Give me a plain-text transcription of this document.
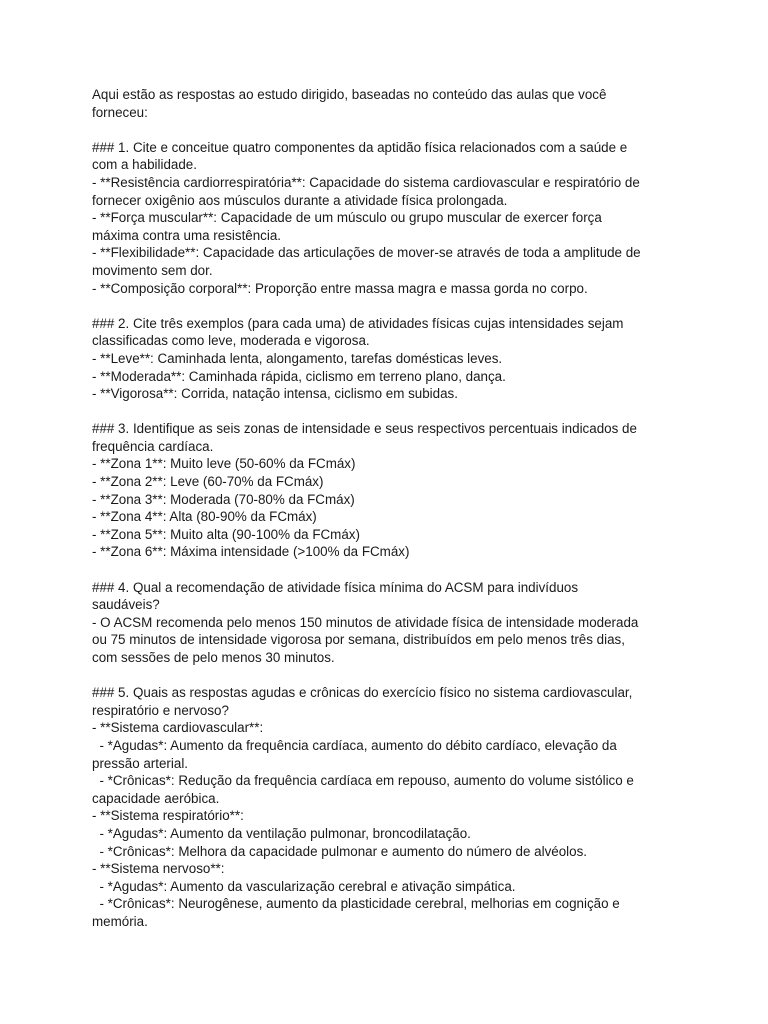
Aqui estão as respostas ao estudo dirigido, baseadas no conteúdo das aulas que você
forneceu:
### 1. Cite e conceitue quatro componentes da aptidão física relacionados com a saúde e
com a habilidade.
- **Resistência cardiorrespiratória**: Capacidade do sistema cardiovascular e respiratório de
fornecer oxigênio aos músculos durante a atividade física prolongada.
- **Força muscular**: Capacidade de um músculo ou grupo muscular de exercer força
máxima contra uma resistência.
- **Flexibilidade**: Capacidade das articulações de mover-se através de toda a amplitude de
movimento sem dor.
- **Composição corporal**: Proporção entre massa magra e massa gorda no corpo.
### 2. Cite três exemplos (para cada uma) de atividades físicas cujas intensidades sejam
classificadas como leve, moderada e vigorosa.
- **Leve**: Caminhada lenta, alongamento, tarefas domésticas leves.
- **Moderada**: Caminhada rápida, ciclismo em terreno plano, dança.
- **Vigorosa**: Corrida, natação intensa, ciclismo em subidas.
### 3. Identifique as seis zonas de intensidade e seus respectivos percentuais indicados de
frequência cardíaca.
- **Zona 1**: Muito leve (50-60% da FCmáx)
- **Zona 2**: Leve (60-70% da FCmáx)
- **Zona 3**: Moderada (70-80% da FCmáx)
- **Zona 4**: Alta (80-90% da FCmáx)
- **Zona 5**: Muito alta (90-100% da FCmáx)
- **Zona 6**: Máxima intensidade (>100% da FCmáx)
### 4. Qual a recomendação de atividade física mínima do ACSM para indivíduos
saudáveis?
- O ACSM recomenda pelo menos 150 minutos de atividade física de intensidade moderada
ou 75 minutos de intensidade vigorosa por semana, distribuídos em pelo menos três dias,
com sessões de pelo menos 30 minutos.
### 5. Quais as respostas agudas e crônicas do exercício físico no sistema cardiovascular,
respiratório e nervoso?
- **Sistema cardiovascular**:
- *Agudas*: Aumento da frequência cardíaca, aumento do débito cardíaco, elevação da
pressão arterial.
- *Crônicas*: Redução da frequência cardíaca em repouso, aumento do volume sistólico e
capacidade aeróbica.
- **Sistema respiratório**:
- *Agudas*: Aumento da ventilação pulmonar, broncodilatação.
- *Crônicas*: Melhora da capacidade pulmonar e aumento do número de alvéolos.
- **Sistema nervoso**:
- *Agudas*: Aumento da vascularização cerebral e ativação simpática.
- *Crônicas*: Neurogênese, aumento da plasticidade cerebral, melhorias em cognição e
memória.
